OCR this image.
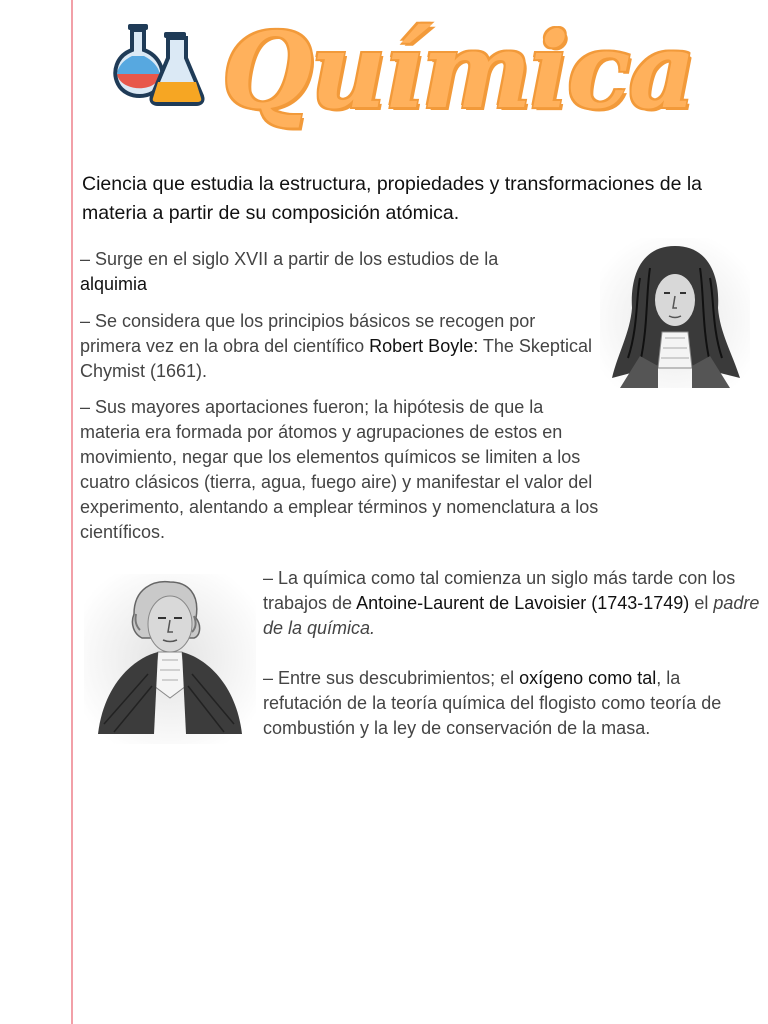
Química
Ciencia que estudia la estructura, propiedades y transformaciones de la materia a partir de su composición atómica.

– Surge en el siglo XVII a partir de los estudios de la alquimia

– Se considera que los principios básicos se recogen por primera vez en la obra del científico Robert Boyle: The Skeptical Chymist (1661).

– Sus mayores aportaciones fueron; la hipótesis de que la materia era formada por átomos y agrupaciones de estos en movimiento, negar que los elementos químicos se limiten a los cuatro clásicos (tierra, agua, fuego aire) y manifestar el valor del experimento, alentando a emplear términos y nomenclatura a los científicos.

– La química como tal comienza un siglo más tarde con los trabajos de Antoine-Laurent de Lavoisier (1743-1749) el padre de la química.

– Entre sus descubrimientos; el oxígeno como tal, la refutación de la teoría química del flogisto como teoría de combustión y la ley de conservación de la masa.
